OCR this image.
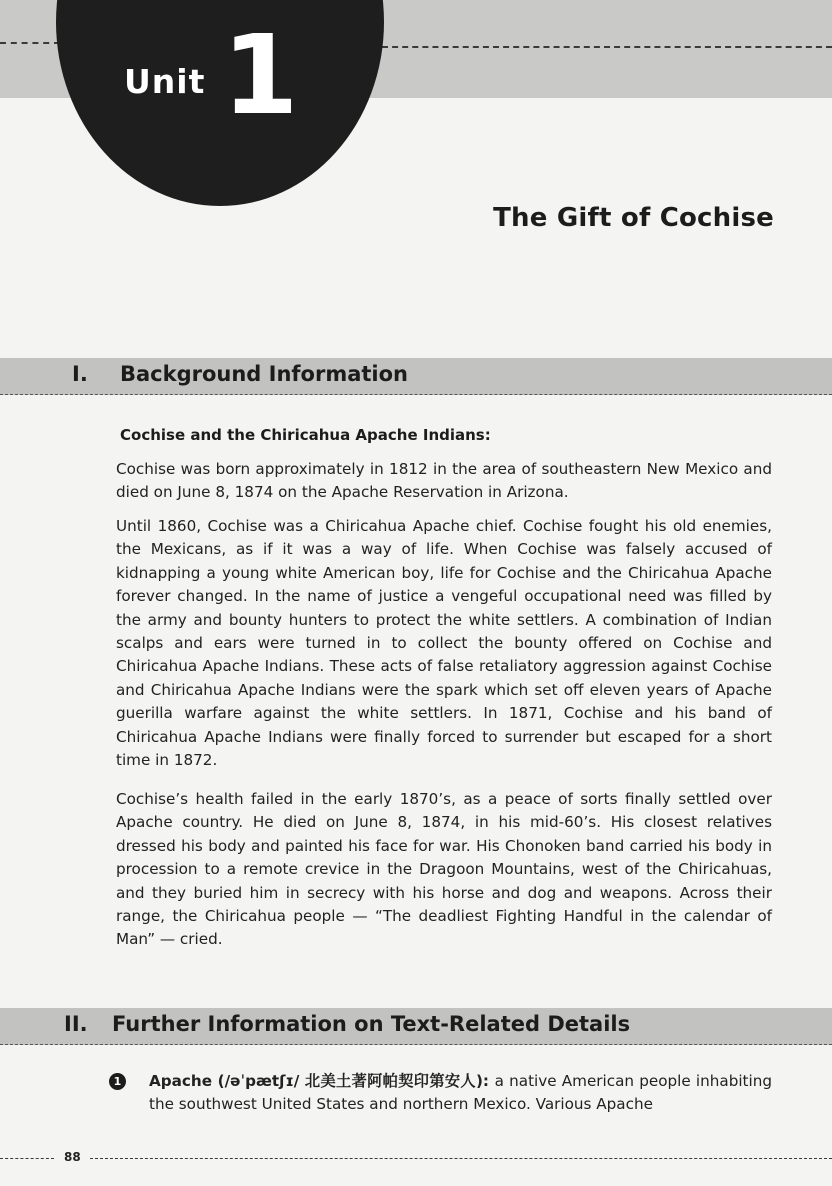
Unit 1
The Gift of Cochise
I. Background Information
Cochise and the Chiricahua Apache Indians:

Cochise was born approximately in 1812 in the area of southeastern New Mexico and died on June 8, 1874 on the Apache Reservation in Arizona.

Until 1860, Cochise was a Chiricahua Apache chief. Cochise fought his old enemies, the Mexicans, as if it was a way of life. When Cochise was falsely accused of kidnapping a young white American boy, life for Cochise and the Chiricahua Apache forever changed. In the name of justice a vengeful occupational need was filled by the army and bounty hunters to protect the white settlers. A combination of Indian scalps and ears were turned in to collect the bounty offered on Cochise and Chiricahua Apache Indians. These acts of false retaliatory aggression against Cochise and Chiricahua Apache Indians were the spark which set off eleven years of Apache guerilla warfare against the white settlers. In 1871, Cochise and his band of Chiricahua Apache Indians were finally forced to surrender but escaped for a short time in 1872.

Cochise’s health failed in the early 1870’s, as a peace of sorts finally settled over Apache country. He died on June 8, 1874, in his mid-60’s. His closest relatives dressed his body and painted his face for war. His Chonoken band carried his body in procession to a remote crevice in the Dragoon Mountains, west of the Chiricahuas, and they buried him in secrecy with his horse and dog and weapons. Across their range, the Chiricahua people — “The deadliest Fighting Handful in the calendar of Man” — cried.

II. Further Information on Text-Related Details
1	Apache (/əˈpætʃɪ/ 北美土著阿帕契印第安人): a native American people inhabiting the southwest United States and northern Mexico. Various Apache
88
